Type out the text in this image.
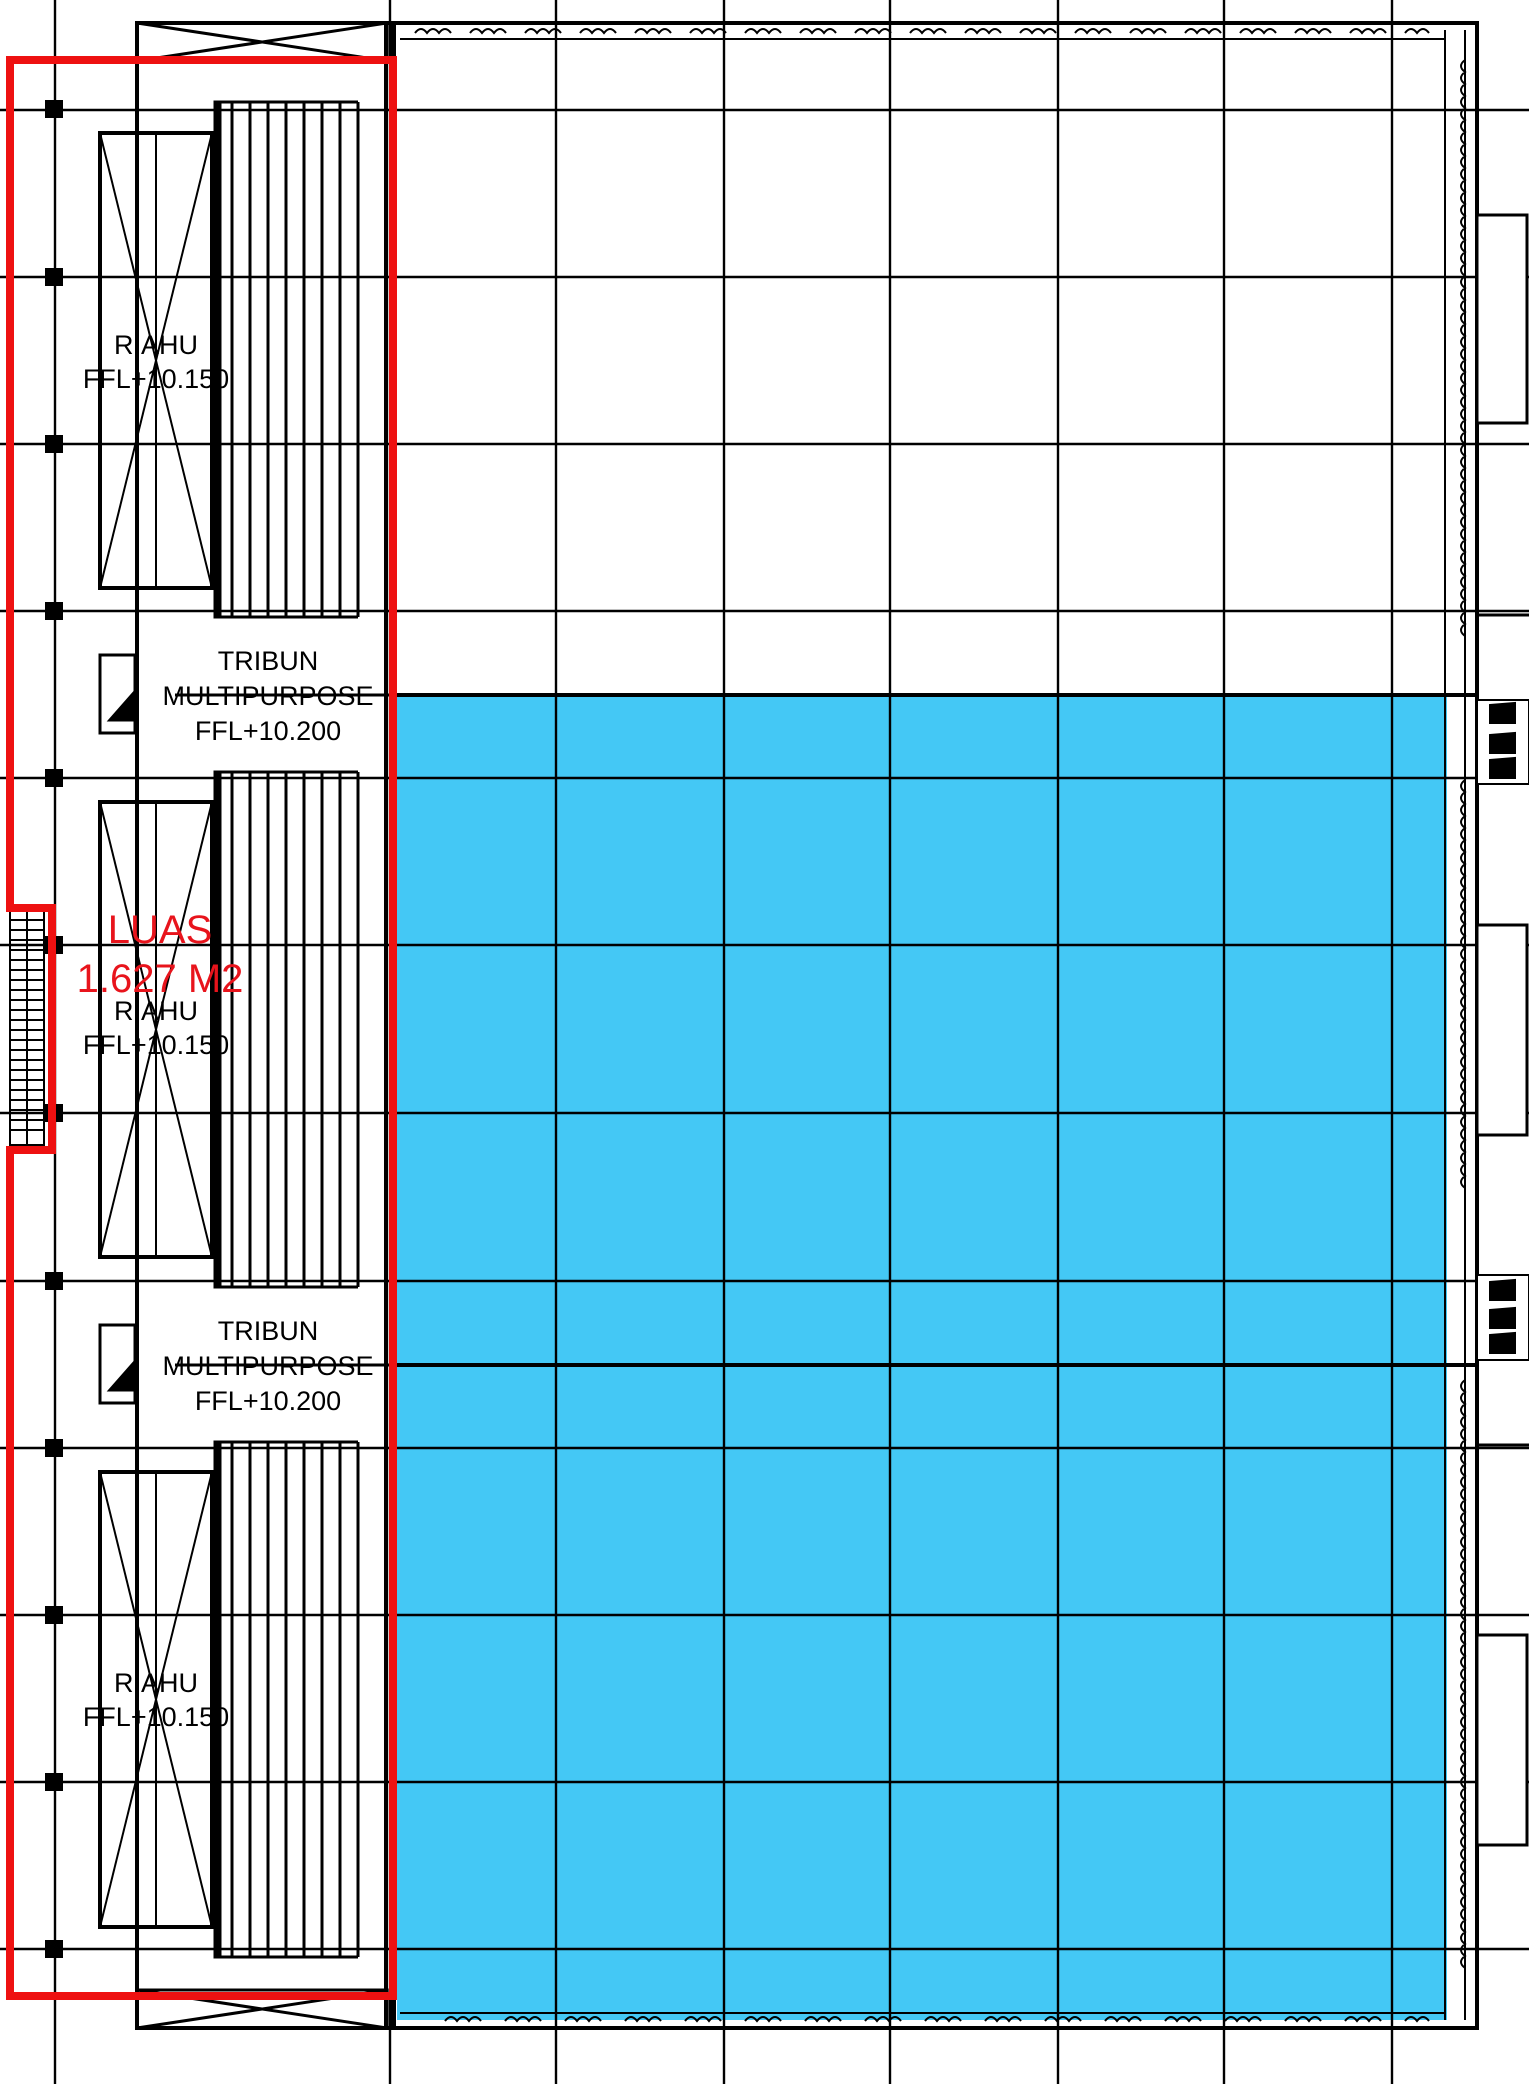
R.AHU
FFL+10.150
TRIBUN
MULTIPURPOSE
FFL+10.200
LUAS
1.627 M2
R.AHU
FFL+10.150
TRIBUN
MULTIPURPOSE
FFL+10.200
R.AHU
FFL+10.150
